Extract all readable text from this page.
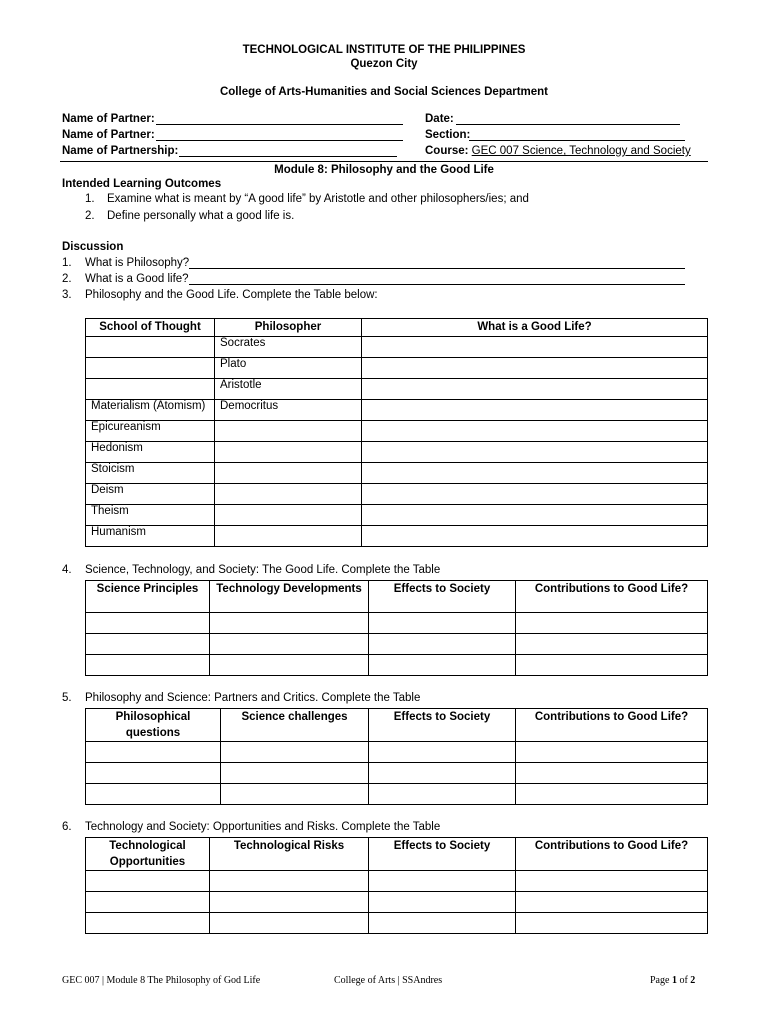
TECHNOLOGICAL INSTITUTE OF THE PHILIPPINES
Quezon City
College of Arts-Humanities and Social Sciences Department
Name of Partner:
Name of Partner:
Name of Partnership:
Date:
Section:
Course: GEC 007 Science, Technology and Society
Module 8: Philosophy and the Good Life
Intended Learning Outcomes
1. Examine what is meant by “A good life” by Aristotle and other philosophers/ies; and
2. Define personally what a good life is.
Discussion
1. What is Philosophy?
2. What is a Good life?
3. Philosophy and the Good Life. Complete the Table below:
School of Thought	Philosopher	What is a Good Life?
	Socrates	
	Plato	
	Aristotle	
Materialism (Atomism)	Democritus	
Epicureanism		
Hedonism		
Stoicism		
Deism		
Theism		
Humanism		
4. Science, Technology, and Society: The Good Life. Complete the Table
Science Principles	Technology Developments	Effects to Society	Contributions to Good Life?

5. Philosophy and Science: Partners and Critics. Complete the Table
Philosophical questions	Science challenges	Effects to Society	Contributions to Good Life?

6. Technology and Society: Opportunities and Risks. Complete the Table
Technological Opportunities	Technological Risks	Effects to Society	Contributions to Good Life?

GEC 007 | Module 8 The Philosophy of God Life	College of Arts | SSAndres	Page 1 of 2
